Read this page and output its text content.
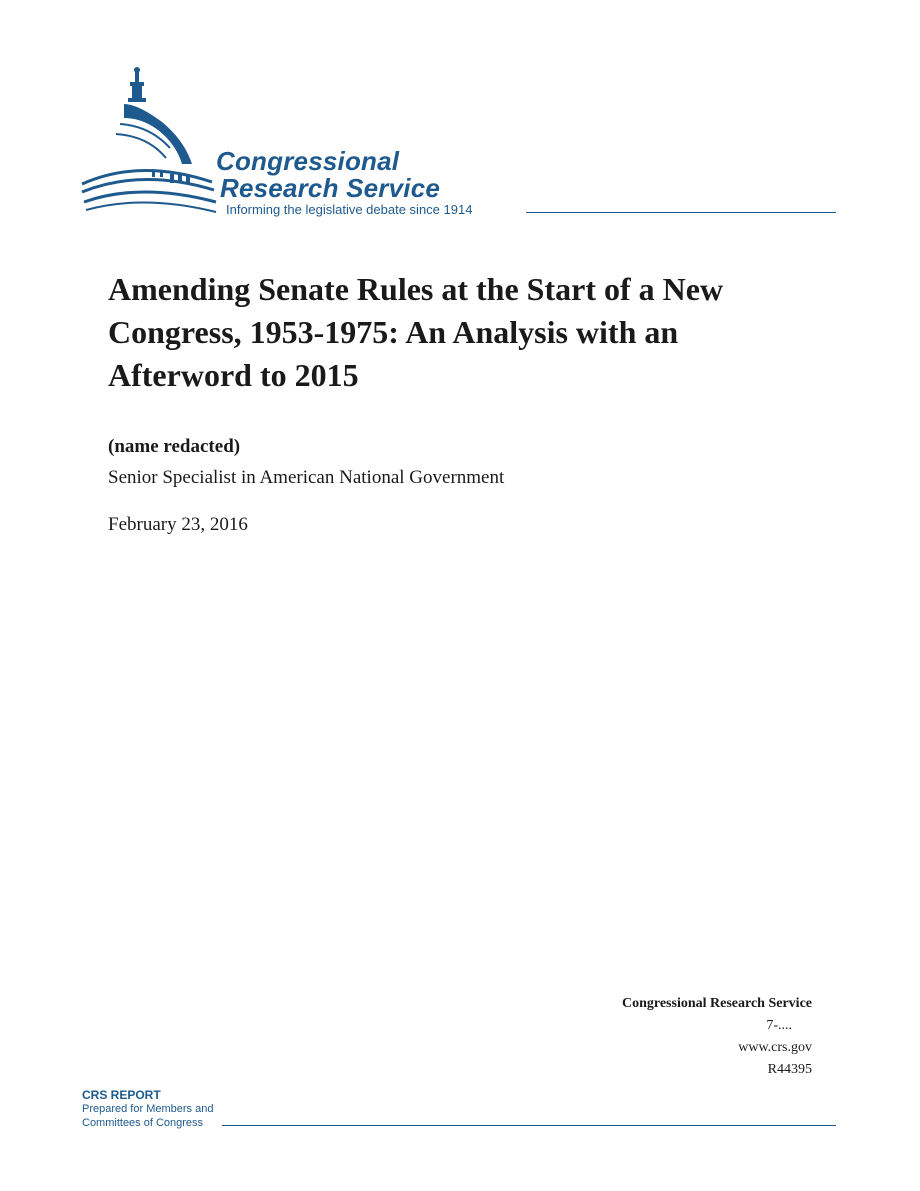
Congressional
Research Service
Informing the legislative debate since 1914
Amending Senate Rules at the Start of a New Congress, 1953-1975: An Analysis with an Afterword to 2015
(name redacted)
Senior Specialist in American National Government
February 23, 2016
Congressional Research Service
7-....
www.crs.gov
R44395
CRS REPORT
Prepared for Members and
Committees of Congress
